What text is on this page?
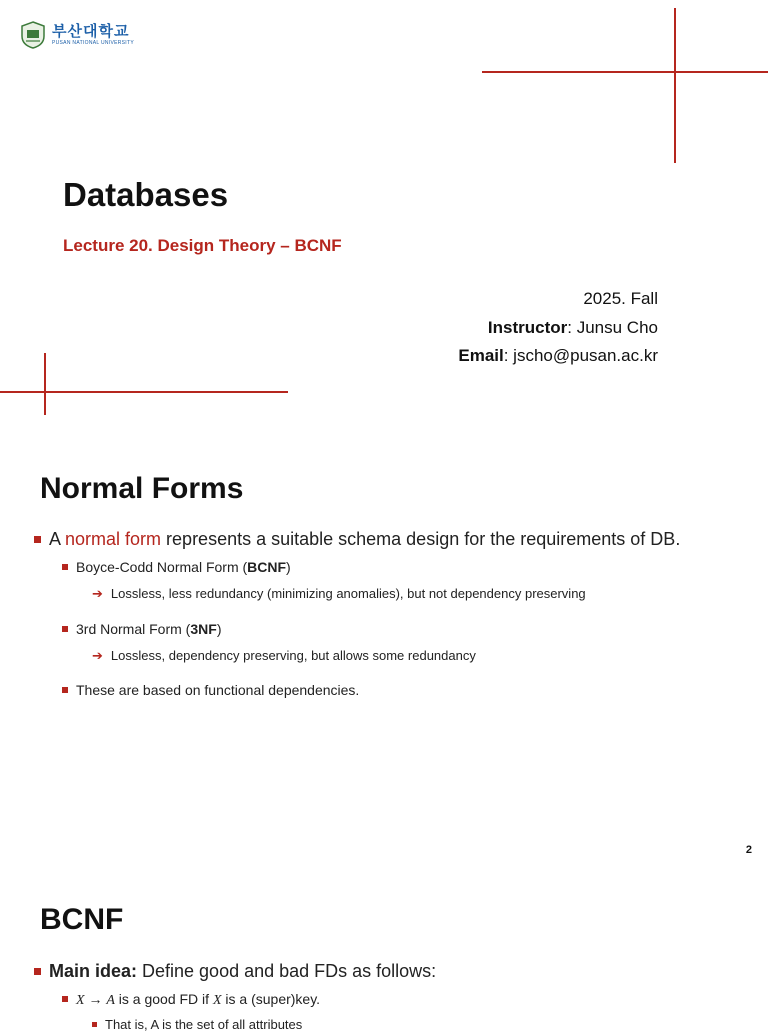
부산대학교
PUSAN NATIONAL UNIVERSITY
Databases
Lecture 20. Design Theory – BCNF
2025. Fall
Instructor: Junsu Cho
Email: jscho@pusan.ac.kr
Normal Forms
A normal form represents a suitable schema design for the requirements of DB.
Boyce-Codd Normal Form (BCNF)
➔ Lossless, less redundancy (minimizing anomalies), but not dependency preserving
3rd Normal Form (3NF)
➔ Lossless, dependency preserving, but allows some redundancy
These are based on functional dependencies.
2
BCNF
Main idea: Define good and bad FDs as follows:
X → A is a good FD if X is a (super)key.
That is, A is the set of all attributes
